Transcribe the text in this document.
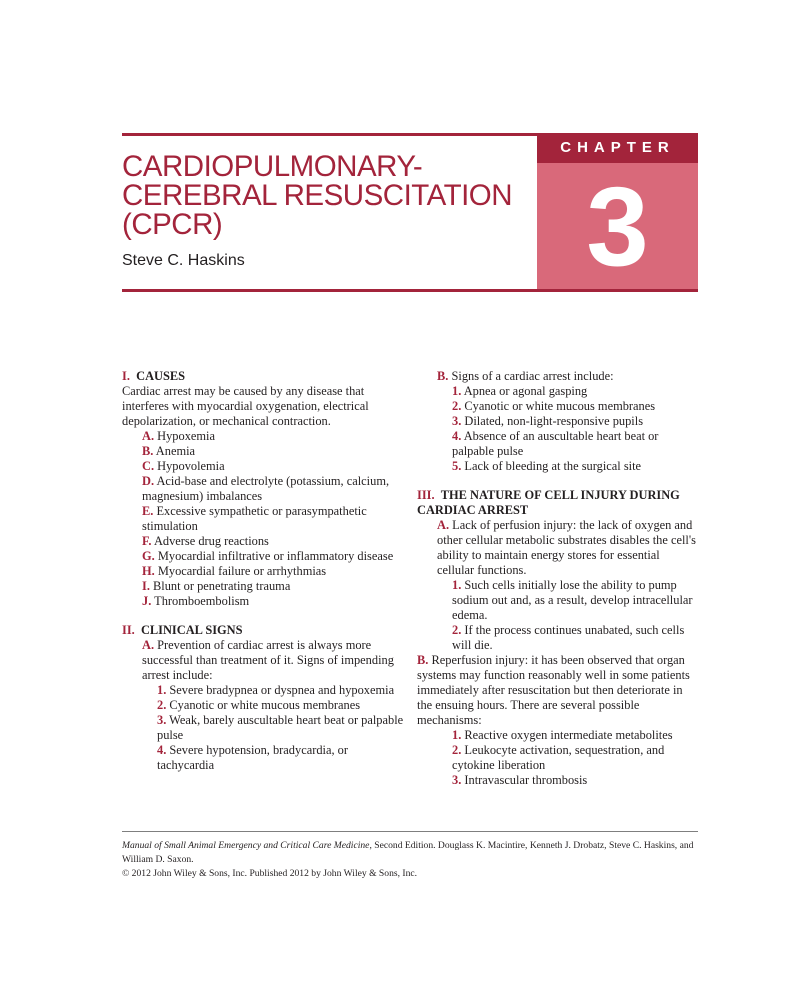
CHAPTER
3
CARDIOPULMONARY-
CEREBRAL RESUSCITATION
(CPCR)
Steve C. Haskins
I. CAUSES
Cardiac arrest may be caused by any disease that interferes with myocardial oxygenation, electrical depolarization, or mechanical contraction.
A. Hypoxemia
B. Anemia
C. Hypovolemia
D. Acid-base and electrolyte (potassium, calcium, magnesium) imbalances
E. Excessive sympathetic or parasympathetic stimulation
F. Adverse drug reactions
G. Myocardial infiltrative or inflammatory disease
H. Myocardial failure or arrhythmias
I. Blunt or penetrating trauma
J. Thromboembolism
II. CLINICAL SIGNS
A. Prevention of cardiac arrest is always more successful than treatment of it. Signs of impending arrest include:
1. Severe bradypnea or dyspnea and hypoxemia
2. Cyanotic or white mucous membranes
3. Weak, barely auscultable heart beat or palpable pulse
4. Severe hypotension, bradycardia, or tachycardia
B. Signs of a cardiac arrest include:
1. Apnea or agonal gasping
2. Cyanotic or white mucous membranes
3. Dilated, non-light-responsive pupils
4. Absence of an auscultable heart beat or palpable pulse
5. Lack of bleeding at the surgical site
III. THE NATURE OF CELL INJURY DURING CARDIAC ARREST
A. Lack of perfusion injury: the lack of oxygen and other cellular metabolic substrates disables the cell's ability to maintain energy stores for essential cellular functions.
1. Such cells initially lose the ability to pump sodium out and, as a result, develop intracellular edema.
2. If the process continues unabated, such cells will die.
B. Reperfusion injury: it has been observed that organ systems may function reasonably well in some patients immediately after resuscitation but then deteriorate in the ensuing hours. There are several possible mechanisms:
1. Reactive oxygen intermediate metabolites
2. Leukocyte activation, sequestration, and cytokine liberation
3. Intravascular thrombosis
Manual of Small Animal Emergency and Critical Care Medicine, Second Edition. Douglass K. Macintire, Kenneth J. Drobatz, Steve C. Haskins, and William D. Saxon.
© 2012 John Wiley & Sons, Inc. Published 2012 by John Wiley & Sons, Inc.
